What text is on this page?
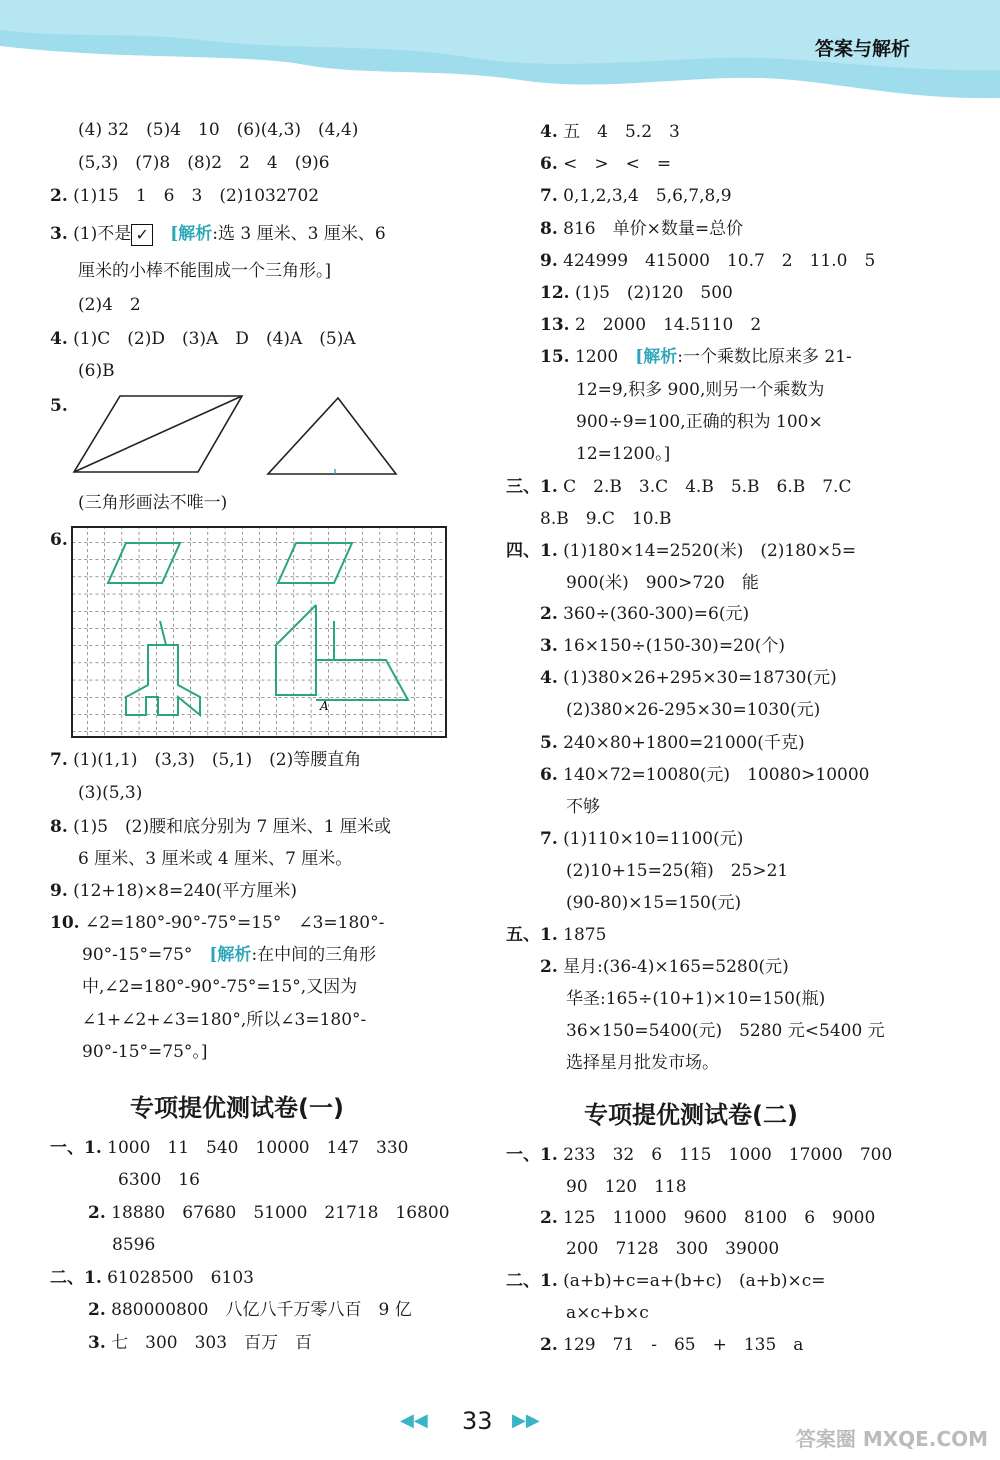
答案与解析
(4) 32　(5)4　10　(6)(4,3)　(4,4)
(5,3)　(7)8　(8)2　2　4　(9)6
2. (1)15　1　6　3　(2)1032702
3. (1)不是 ✓　 [解析:选 3 厘米、3 厘米、6
厘米的小棒不能围成一个三角形。]
(2)4　2
4. (1)C　(2)D　(3)A　D　(4)A　(5)A
(6)B
5.
(三角形画法不唯一)
6.
A
7. (1)(1,1)　(3,3)　(5,1)　(2)等腰直角
(3)(5,3)
8. (1)5　(2)腰和底分别为 7 厘米、1 厘米或
6 厘米、3 厘米或 4 厘米、7 厘米。
9. (12+18)×8=240(平方厘米)
10. ∠2=180°-90°-75°=15°　∠3=180°-
90°-15°=75°　 [解析:在中间的三角形
中,∠2=180°-90°-75°=15°,又因为
∠1+∠2+∠3=180°,所以∠3=180°-
90°-15°=75°。]
专项提优测试卷(一)
一、1. 1000　11　540　10000　147　330
6300　16
2. 18880　67680　51000　21718　16800
8596
二、1. 61028500　6103
2. 880000800　八亿八千万零八百　9 亿
3. 七　300　303　百万　百
4. 五　4　5.2　3
6. <　>　<　=
7. 0,1,2,3,4　5,6,7,8,9
8. 816　单价×数量=总价
9. 424999　415000　10.7　2　11.0　5
12. (1)5　(2)120　500
13. 2　2000　14.5110　2
15. 1200　 [解析:一个乘数比原来多 21-
12=9,积多 900,则另一个乘数为
900÷9=100,正确的积为 100×
12=1200。]
三、1. C　2.B　3.C　4.B　5.B　6.B　7.C
8.B　9.C　10.B
四、1. (1)180×14=2520(米)　(2)180×5=
900(米)　900>720　能
2. 360÷(360-300)=6(元)
3. 16×150÷(150-30)=20(个)
4. (1)380×26+295×30=18730(元)
(2)380×26-295×30=1030(元)
5. 240×80+1800=21000(千克)
6. 140×72=10080(元)　10080>10000
不够
7. (1)110×10=1100(元)
(2)10+15=25(箱)　25>21
(90-80)×15=150(元)
五、1. 1875
2. 星月:(36-4)×165=5280(元)
华圣:165÷(10+1)×10=150(瓶)
36×150=5400(元)　5280 元<5400 元
选择星月批发市场。
专项提优测试卷(二)
一、1. 233　32　6　115　1000　17000　700
90　120　118
2. 125　11000　9600　8100　6　9000
200　7128　300　39000
二、1. (a+b)+c=a+(b+c)　(a+b)×c=
a×c+b×c
2. 129　71　-　65　+　135　a
◀◀ 33 ▶▶
答案圈 MXQE.COM
